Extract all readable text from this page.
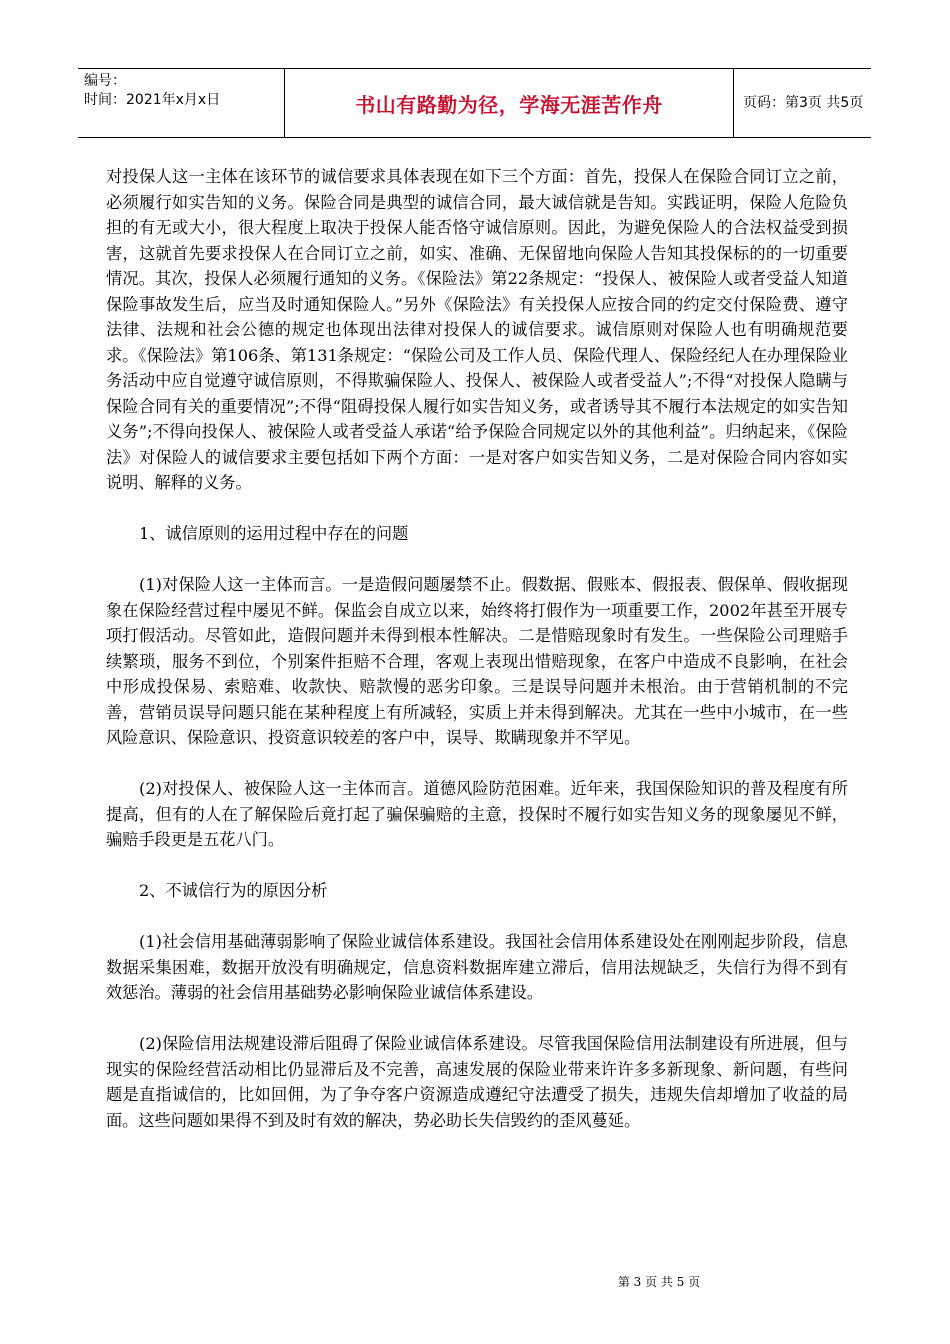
编号：
时间：2021年x月x日	书山有路勤为径，学海无涯苦作舟	页码：第3页 共5页

对投保人这一主体在该环节的诚信要求具体表现在如下三个方面：首先，投保人在保险合同订立之前，必须履行如实告知的义务。保险合同是典型的诚信合同，最大诚信就是告知。实践证明，保险人危险负担的有无或大小，很大程度上取决于投保人能否恪守诚信原则。因此，为避免保险人的合法权益受到损害，这就首先要求投保人在合同订立之前，如实、准确、无保留地向保险人告知其投保标的的一切重要情况。其次，投保人必须履行通知的义务。《保险法》第22条规定：“投保人、被保险人或者受益人知道保险事故发生后，应当及时通知保险人。”另外《保险法》有关投保人应按合同的约定交付保险费、遵守法律、法规和社会公德的规定也体现出法律对投保人的诚信要求。诚信原则对保险人也有明确规范要求。《保险法》第106条、第131条规定：“保险公司及工作人员、保险代理人、保险经纪人在办理保险业务活动中应自觉遵守诚信原则，不得欺骗保险人、投保人、被保险人或者受益人”;不得“对投保人隐瞒与保险合同有关的重要情况”;不得“阻碍投保人履行如实告知义务，或者诱导其不履行本法规定的如实告知义务”;不得向投保人、被保险人或者受益人承诺“给予保险合同规定以外的其他利益”。归纳起来，《保险法》对保险人的诚信要求主要包括如下两个方面：一是对客户如实告知义务，二是对保险合同内容如实说明、解释的义务。

1、诚信原则的运用过程中存在的问题

(1)对保险人这一主体而言。一是造假问题屡禁不止。假数据、假账本、假报表、假保单、假收据现象在保险经营过程中屡见不鲜。保监会自成立以来，始终将打假作为一项重要工作，2002年甚至开展专项打假活动。尽管如此，造假问题并未得到根本性解决。二是惜赔现象时有发生。一些保险公司理赔手续繁琐，服务不到位，个别案件拒赔不合理，客观上表现出惜赔现象，在客户中造成不良影响，在社会中形成投保易、索赔难、收款快、赔款慢的恶劣印象。三是误导问题并未根治。由于营销机制的不完善，营销员误导问题只能在某种程度上有所减轻，实质上并未得到解决。尤其在一些中小城市，在一些风险意识、保险意识、投资意识较差的客户中，误导、欺瞒现象并不罕见。

(2)对投保人、被保险人这一主体而言。道德风险防范困难。近年来，我国保险知识的普及程度有所提高，但有的人在了解保险后竟打起了骗保骗赔的主意，投保时不履行如实告知义务的现象屡见不鲜，骗赔手段更是五花八门。

2、不诚信行为的原因分析

(1)社会信用基础薄弱影响了保险业诚信体系建设。我国社会信用体系建设处在刚刚起步阶段，信息数据采集困难，数据开放没有明确规定，信息资料数据库建立滞后，信用法规缺乏，失信行为得不到有效惩治。薄弱的社会信用基础势必影响保险业诚信体系建设。

(2)保险信用法规建设滞后阻碍了保险业诚信体系建设。尽管我国保险信用法制建设有所进展，但与现实的保险经营活动相比仍显滞后及不完善，高速发展的保险业带来许许多多新现象、新问题，有些问题是直指诚信的，比如回佣，为了争夺客户资源造成遵纪守法遭受了损失，违规失信却增加了收益的局面。这些问题如果得不到及时有效的解决，势必助长失信毁约的歪风蔓延。

第 3 页 共 5 页
